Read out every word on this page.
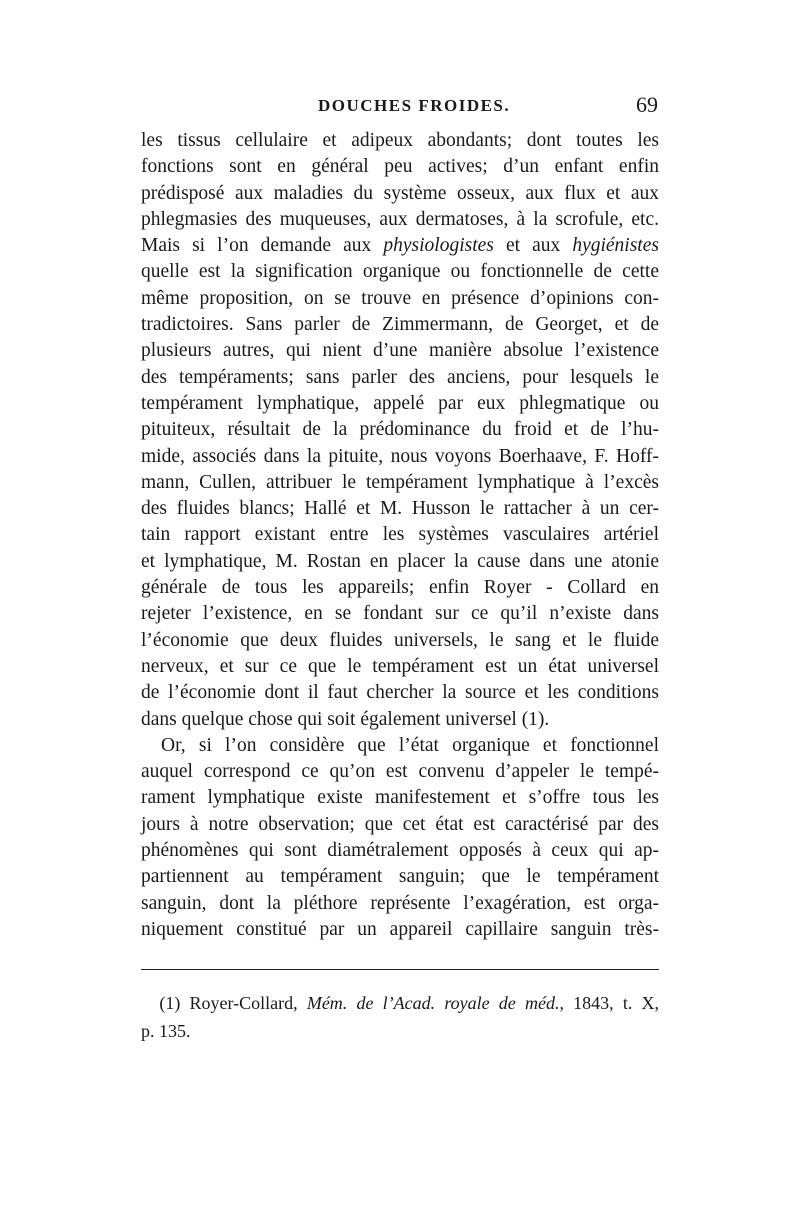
DOUCHES FROIDES.	69
les tissus cellulaire et adipeux abondants; dont toutes les
fonctions sont en général peu actives; d’un enfant enfin
prédisposé aux maladies du système osseux, aux flux et aux
phlegmasies des muqueuses, aux dermatoses, à la scrofule, etc.
Mais si l’on demande aux physiologistes et aux hygiénistes
quelle est la signification organique ou fonctionnelle de cette
même proposition, on se trouve en présence d’opinions con-
tradictoires. Sans parler de Zimmermann, de Georget, et de
plusieurs autres, qui nient d’une manière absolue l’existence
des tempéraments; sans parler des anciens, pour lesquels le
tempérament lymphatique, appelé par eux phlegmatique ou
pituiteux, résultait de la prédominance du froid et de l’hu-
mide, associés dans la pituite, nous voyons Boerhaave, F. Hoff-
mann, Cullen, attribuer le tempérament lymphatique à l’excès
des fluides blancs; Hallé et M. Husson le rattacher à un cer-
tain rapport existant entre les systèmes vasculaires artériel
et lymphatique, M. Rostan en placer la cause dans une atonie
générale de tous les appareils; enfin Royer - Collard en
rejeter l’existence, en se fondant sur ce qu’il n’existe dans
l’économie que deux fluides universels, le sang et le fluide
nerveux, et sur ce que le tempérament est un état universel
de l’économie dont il faut chercher la source et les conditions
dans quelque chose qui soit également universel (1).
Or, si l’on considère que l’état organique et fonctionnel
auquel correspond ce qu’on est convenu d’appeler le tempé-
rament lymphatique existe manifestement et s’offre tous les
jours à notre observation; que cet état est caractérisé par des
phénomènes qui sont diamétralement opposés à ceux qui ap-
partiennent au tempérament sanguin; que le tempérament
sanguin, dont la pléthore représente l’exagération, est orga-
niquement constitué par un appareil capillaire sanguin très-
(1) Royer-Collard, Mém. de l’Acad. royale de méd., 1843, t. X,
p. 135.
